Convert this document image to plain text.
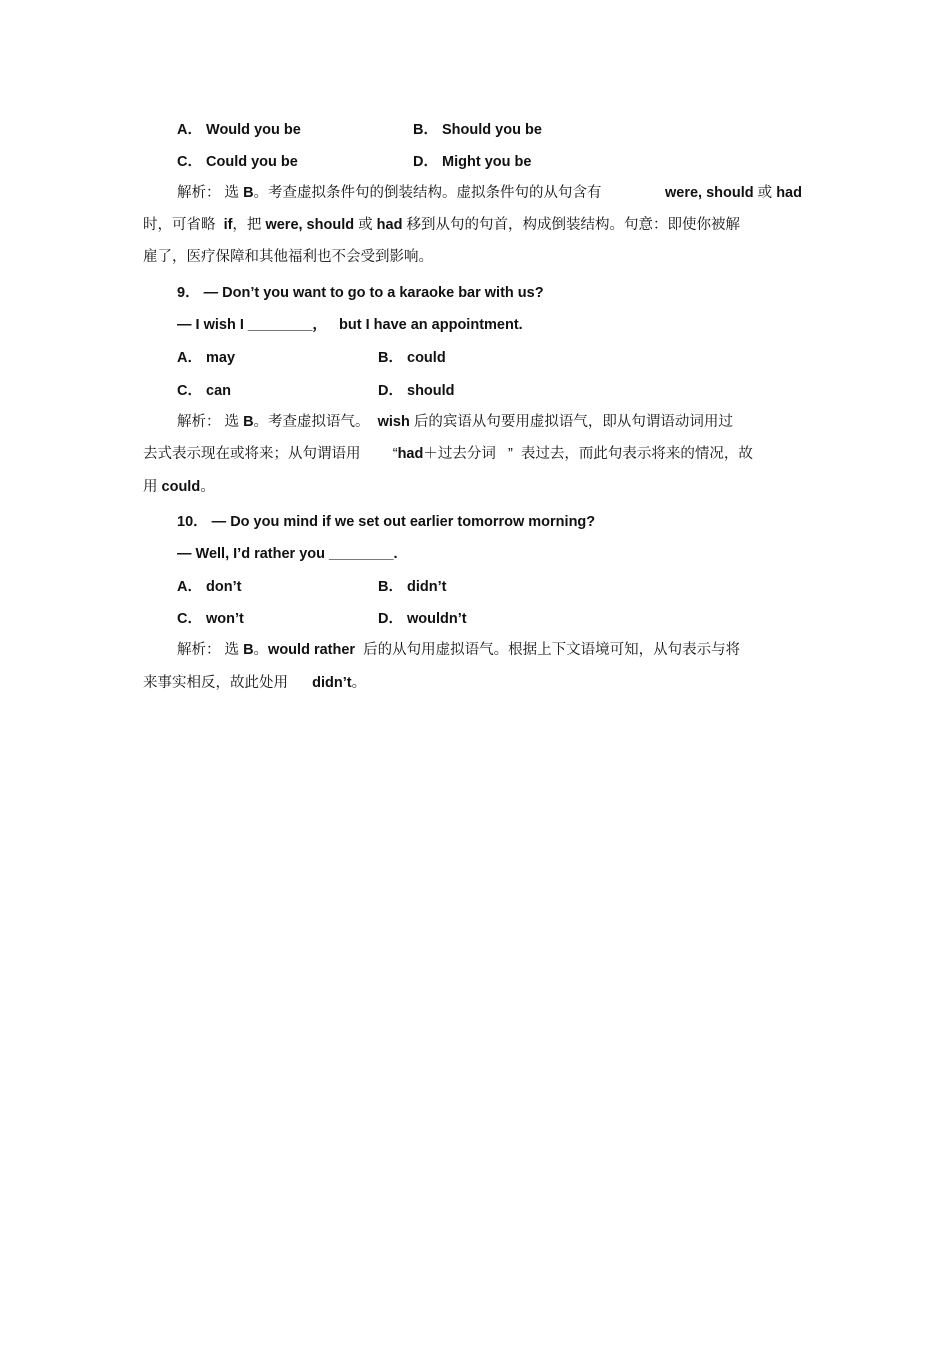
A． Would you be	B． Should you be
C． Could you be	D． Might you be
解析： 选 B。考查虚拟条件句的倒装结构。虚拟条件句的从句含有	were, should 或 had
时，可省略 if，把 were, should 或 had 移到从句的句首，构成倒装结构。句意：即使你被解
雇了，医疗保障和其他福利也不会受到影响。
9． — Don’t you want to go to a karaoke bar with us?
— I wish I ________， but I have an appointment.
A． may	B． could
C． can	D． should
解析： 选 B。考查虚拟语气。 wish 后的宾语从句要用虚拟语气，即从句谓语动词用过
去式表示现在或将来；从句谓语用 “had＋过去分词 ” 表过去，而此句表示将来的情况，故
用 could。
10． — Do you mind if we set out earlier tomorrow morning?
— Well, I’d rather you ________.
A． don’t	B． didn’t
C． won’t	D． wouldn’t
解析： 选 B。would rather 后的从句用虚拟语气。根据上下文语境可知，从句表示与将
来事实相反，故此处用 didn’t。
